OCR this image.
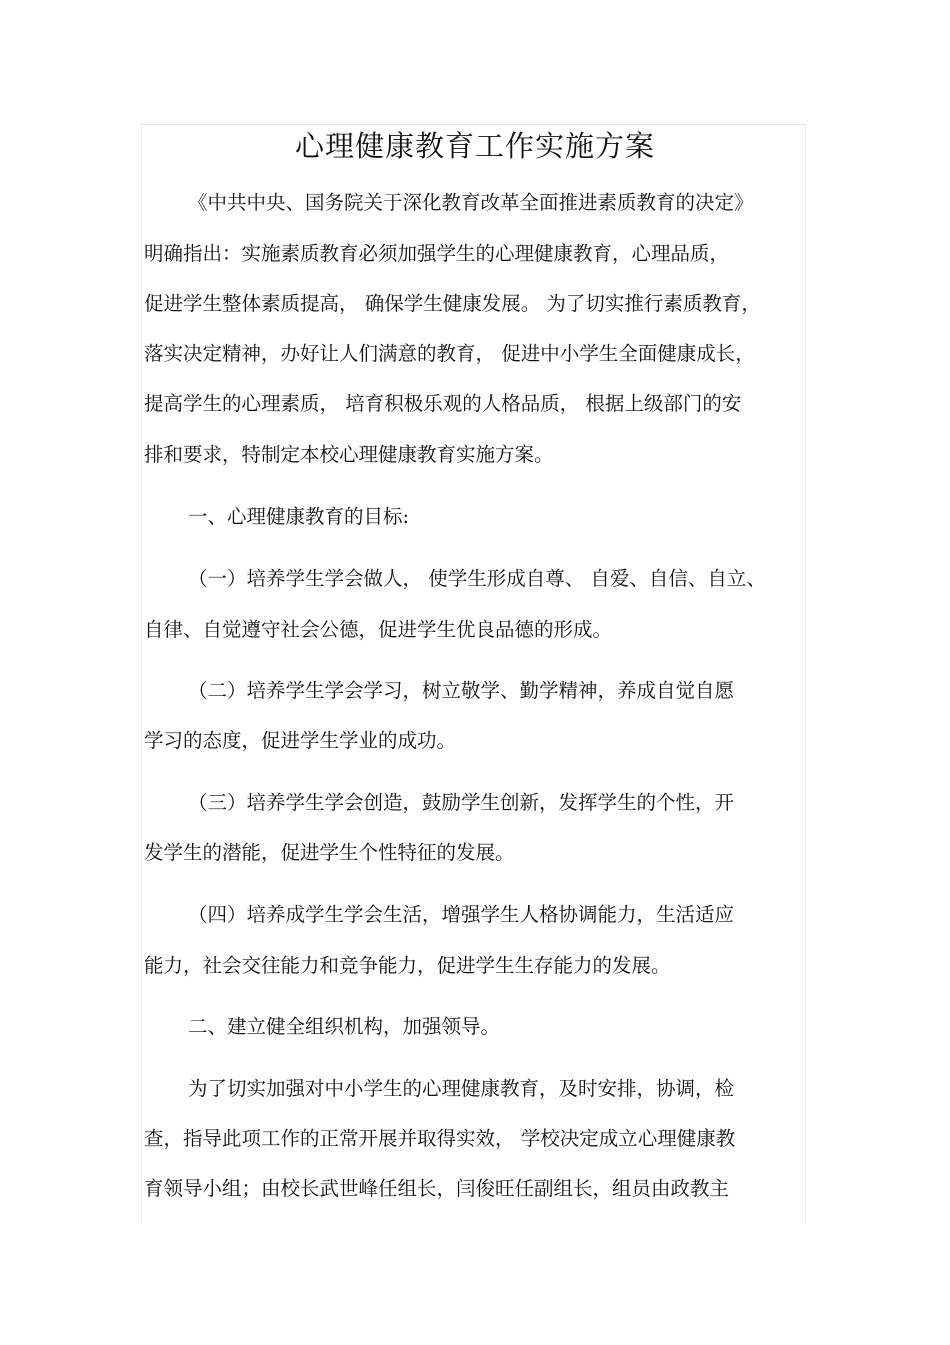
心理健康教育工作实施方案
《中共中央、国务院关于深化教育改革全面推进素质教育的决定》
明确指出：实施素质教育必须加强学生的心理健康教育，心理品质，
促进学生整体素质提高， 确保学生健康发展。 为了切实推行素质教育，
落实决定精神，办好让人们满意的教育， 促进中小学生全面健康成长，
提高学生的心理素质， 培育积极乐观的人格品质， 根据上级部门的安
排和要求，特制定本校心理健康教育实施方案。
一、心理健康教育的目标:
（一）培养学生学会做人， 使学生形成自尊、 自爱、自信、自立、
自律、自觉遵守社会公德，促进学生优良品德的形成。
（二）培养学生学会学习，树立敬学、勤学精神，养成自觉自愿
学习的态度，促进学生学业的成功。
（三）培养学生学会创造，鼓励学生创新，发挥学生的个性，开
发学生的潜能，促进学生个性特征的发展。
（四）培养成学生学会生活，增强学生人格协调能力，生活适应
能力，社会交往能力和竞争能力，促进学生生存能力的发展。
二、建立健全组织机构，加强领导。
为了切实加强对中小学生的心理健康教育，及时安排，协调，检
查，指导此项工作的正常开展并取得实效， 学校决定成立心理健康教
育领导小组；由校长武世峰任组长，闫俊旺任副组长，组员由政教主
